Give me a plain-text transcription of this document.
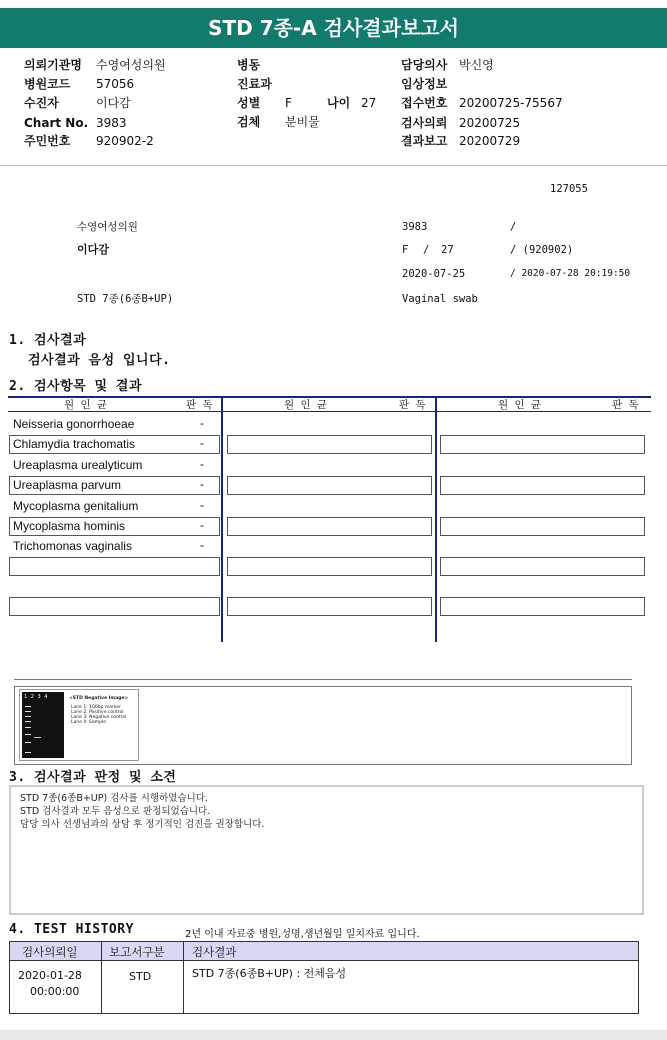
STD 7종-A 검사결과보고서
의뢰기관명 수영여성의원
병원코드 57056
수진자	이다감
Chart No. 3983
주민번호 920902-2
병동
진료과
성별 F	나이 27
검체 분비물
담당의사 박신영
임상정보
접수번호 20200725-75567
검사의뢰 20200725
결과보고 20200729
127055
수영여성의원	3983	/
이다감	F / 27	/ (920902)
2020-07-25	/ 2020-07-28 20:19:50
STD 7종(6종B+UP)	Vaginal swab
1. 검사결과
검사결과 음성 입니다.
2. 검사항목 및 결과
원 인 균	판 독	원 인 균	판 독	원 인 균	판 독
Neisseria gonorrhoeae	-
Chlamydia trachomatis	-
Ureaplasma urealyticum	-
Ureaplasma parvum	-
Mycoplasma genitalium	-
Mycoplasma hominis	-
Trichomonas vaginalis	-
1 2 3 4	<STD Negative Image>
Lane 1: 100bp marker
Lane 2: Positive control
Lane 3: Negative control
Lane 4: Sample
3. 검사결과 판정 및 소견
STD 7종(6종B+UP) 검사를 시행하였습니다.
STD 검사결과 모두 음성으로 판정되었습니다.
담당 의사 선생님과의 상담 후 정기적인 검진을 권장합니다.
4. TEST HISTORY	2년 이내 자료중 병원,성명,생년월일 일치자료 입니다.
검사의뢰일	보고서구분 검사결과
2020-01-28
00:00:00
STD	STD 7종(6종B+UP) : 전체음성
